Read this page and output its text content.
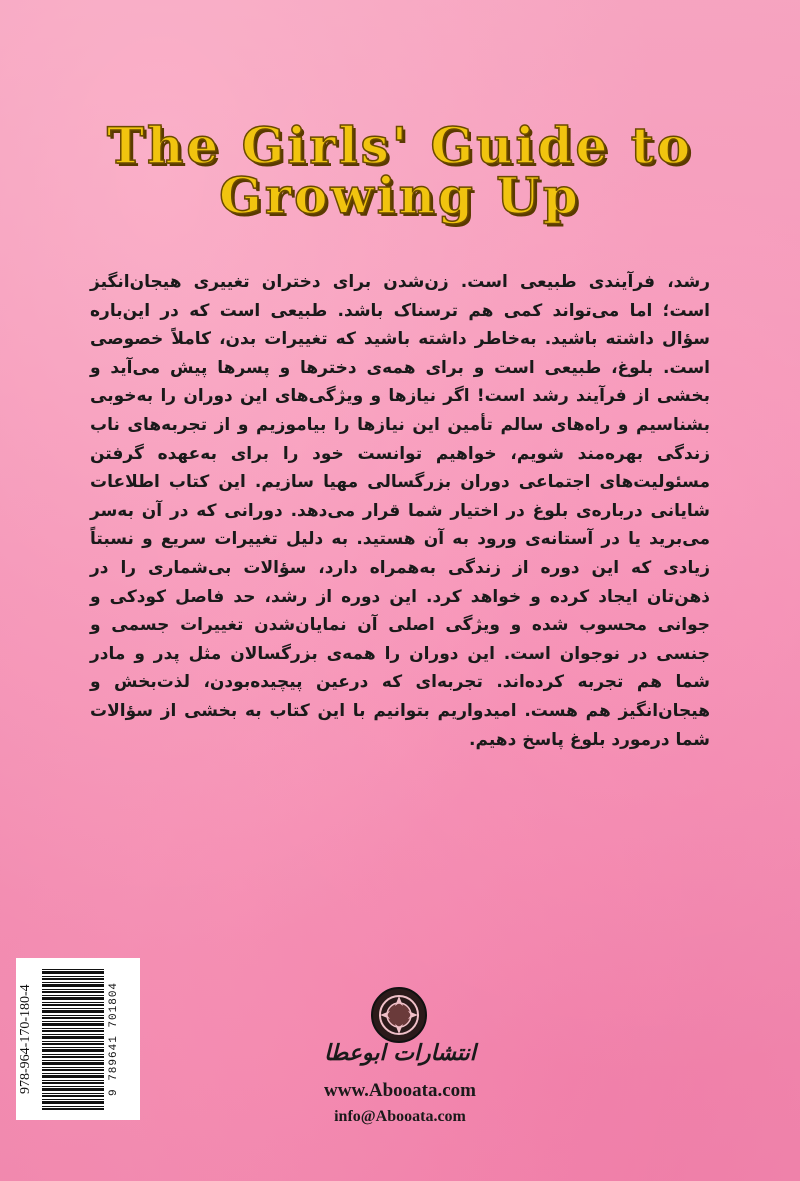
The Girls' Guide to
Growing Up
رشد، فرآیندی طبیعی است. زن‌شدن برای دختران تغییری هیجان‌انگیز است؛ اما می‌تواند کمی هم ترسناک باشد. طبیعی است که در این‌باره سؤال داشته باشید. به‌خاطر داشته باشید که تغییرات بدن، کاملاً خصوصی است. بلوغ، طبیعی است و برای همه‌ی دخترها و پسرها پیش می‌آید و بخشی از فرآیند رشد است! اگر نیازها و ویژگی‌های این دوران را به‌خوبی بشناسیم و راه‌های سالم تأمین این نیازها را بیاموزیم و از تجربه‌های ناب زندگی بهره‌مند شویم، خواهیم توانست خود را برای به‌عهده گرفتن مسئولیت‌های اجتماعی دوران بزرگسالی مهیا سازیم. این کتاب اطلاعات شایانی درباره‌ی بلوغ در اختیار شما قرار می‌دهد. دورانی که در آن به‌سر می‌برید یا در آستانه‌ی ورود به آن هستید. به دلیل تغییرات سریع و نسبتاً زیادی که این دوره از زندگی به‌همراه دارد، سؤالات بی‌شماری را در ذهن‌تان ایجاد کرده و خواهد کرد. این دوره از رشد، حد فاصل کودکی و جوانی محسوب شده و ویژگی اصلی آن نمایان‌شدن تغییرات جسمی و جنسی در نوجوان است. این دوران را همه‌ی بزرگسالان مثل پدر و مادر شما هم تجربه کرده‌اند. تجربه‌ای که درعین پیچیده‌بودن، لذت‌بخش و هیجان‌انگیز هم هست. امیدواریم بتوانیم با این کتاب به بخشی از سؤالات شما درمورد بلوغ پاسخ دهیم.
978-964-170-180-4	9 789641 701804	انتشارات ابوعطا
www.Abooata.com
info@Abooata.com
